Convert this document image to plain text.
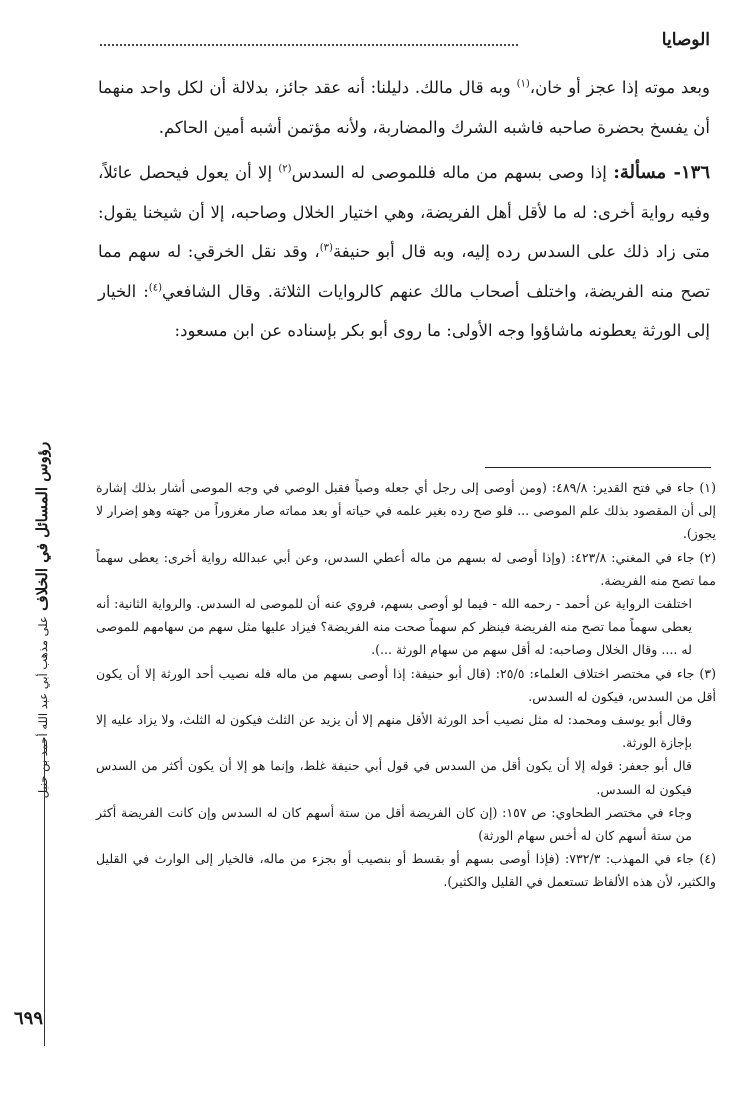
الوصايا

وبعد موته إذا عجز أو خان،$^{(١)}$ وبه قال مالك. دليلنا: أنه عقد جائز، بدلالة أن لكل واحد منهما أن يفسخ بحضرة صاحبه فاشبه الشرك والمضاربة، ولأنه مؤتمن أشبه أمين الحاكم.

١٣٦- مسألة: إذا وصى بسهم من ماله فللموصى له السدس$^{(٢)}$ إلا أن يعول فيحصل عائلاً، وفيه رواية أخرى: له ما لأقل أهل الفريضة، وهي اختيار الخلال وصاحبه، إلا أن شيخنا يقول: متى زاد ذلك على السدس رده إليه، وبه قال أبو حنيفة$^{(٣)}$، وقد نقل الخرقي: له سهم مما تصح منه الفريضة، واختلف أصحاب مالك عنهم كالروايات الثلاثة. وقال الشافعي$^{(٤)}$: الخيار إلى الورثة يعطونه ماشاؤوا وجه الأولى: ما روى أبو بكر بإسناده عن ابن مسعود:

(١) جاء في فتح القدير: ٤٨٩/٨: (ومن أوصى إلى رجل أي جعله وصياً فقبل الوصي في وجه الموصى أشار بذلك إشارة إلى أن المقصود بذلك علم الموصى ... فلو صح رده بغير علمه في حياته أو بعد مماته صار مغروراً من جهته وهو إضرار لا يجوز).

(٢) جاء في المغني: ٤٢٣/٨: (وإذا أوصى له بسهم من ماله أعطي السدس، وعن أبي عبدالله رواية أخرى: يعطى سهماً مما تصح منه الفريضة.

اختلفت الرواية عن أحمد - رحمه الله - فيما لو أوصى بسهم، فروي عنه أن للموصى له السدس. والرواية الثانية: أنه يعطى سهماً مما تصح منه الفريضة فينظر كم سهماً صحت منه الفريضة؟ فيزاد عليها مثل سهم من سهامهم للموصى له .... وقال الخلال وصاحبه: له أقل سهم من سهام الورثة ...).

(٣) جاء في مختصر اختلاف العلماء: ٢٥/٥: (قال أبو حنيفة: إذا أوصى بسهم من ماله فله نصيب أحد الورثة إلا أن يكون أقل من السدس، فيكون له السدس.

وقال أبو يوسف ومحمد: له مثل نصيب أحد الورثة الأقل منهم إلا أن يزيد عن الثلث فيكون له الثلث، ولا يزاد عليه إلا بإجازة الورثة.

قال أبو جعفر: قوله إلا أن يكون أقل من السدس في قول أبي حنيفة غلط، وإنما هو إلا أن يكون أكثر من السدس فيكون له السدس.

وجاء في مختصر الطحاوي: ص ١٥٧: (إن كان الفريضة أقل من ستة أسهم كان له السدس وإن كانت الفريضة أكثر من ستة أسهم كان له أخس سهام الورثة)

(٤) جاء في المهذب: ٧٣٢/٣: (فإذا أوصى بسهم أو بقسط أو بنصيب أو بجزء من ماله، فالخيار إلى الوارث في القليل والكثير، لأن هذه الألفاظ تستعمل في القليل والكثير).

رؤوس المسائل في الخلاف على مذهب أبي عبد الله أحمد بن حنبل
٦٩٩
